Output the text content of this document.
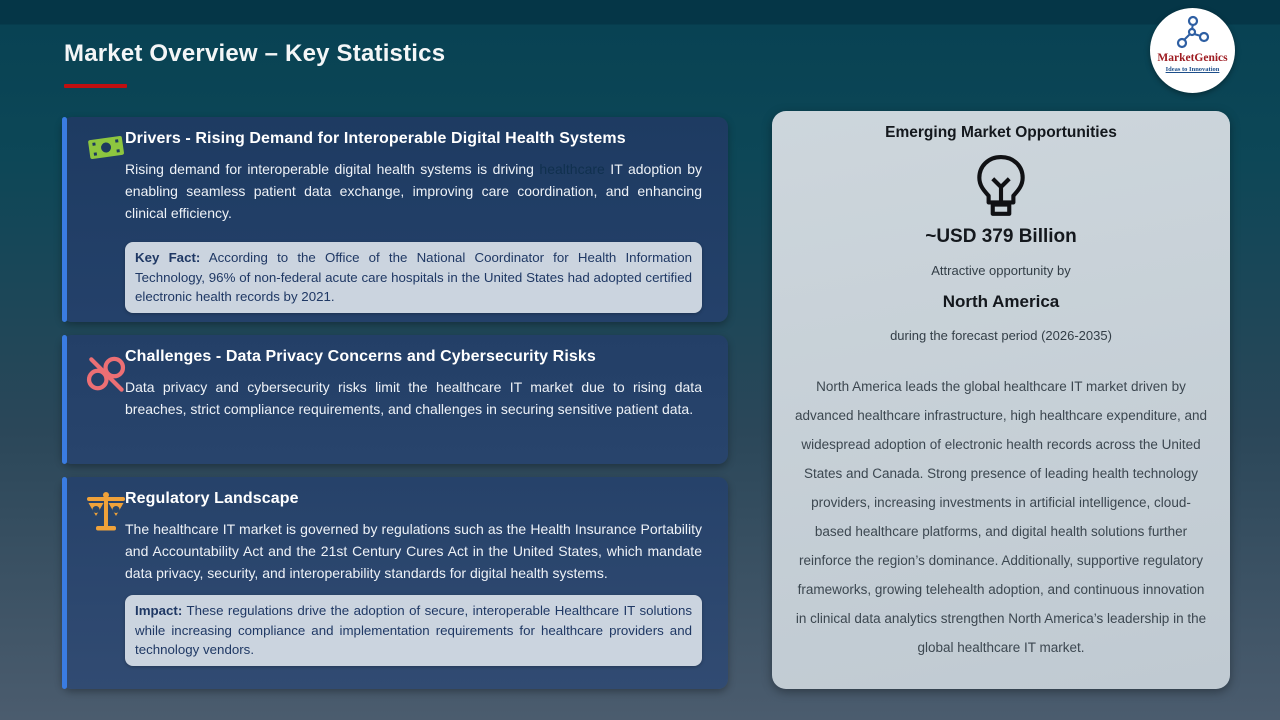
Market Overview – Key Statistics	MarketGenics
Ideas to Innovation
Drivers - Rising Demand for Interoperable Digital Health Systems

Rising demand for interoperable digital health systems is driving healthcare IT adoption by enabling seamless patient data exchange, improving care coordination, and enhancing clinical efficiency.

Key Fact: According to the Office of the National Coordinator for Health Information Technology, 96% of non-federal acute care hospitals in the United States had adopted certified electronic health records by 2021.
Challenges - Data Privacy Concerns and Cybersecurity Risks

Data privacy and cybersecurity risks limit the healthcare IT market due to rising data breaches, strict compliance requirements, and challenges in securing sensitive patient data.

Regulatory Landscape

The healthcare IT market is governed by regulations such as the Health Insurance Portability and Accountability Act and the 21st Century Cures Act in the United States, which mandate data privacy, security, and interoperability standards for digital health systems.

Impact: These regulations drive the adoption of secure, interoperable Healthcare IT solutions while increasing compliance and implementation requirements for healthcare providers and technology vendors.
Emerging Market Opportunities
~USD 379 Billion
Attractive opportunity by
North America
during the forecast period (2026-2035)

North America leads the global healthcare IT market driven by advanced healthcare infrastructure, high healthcare expenditure, and widespread adoption of electronic health records across the United States and Canada. Strong presence of leading health technology providers, increasing investments in artificial intelligence, cloud-based healthcare platforms, and digital health solutions further reinforce the region’s dominance. Additionally, supportive regulatory frameworks, growing telehealth adoption, and continuous innovation in clinical data analytics strengthen North America’s leadership in the global healthcare IT market.
